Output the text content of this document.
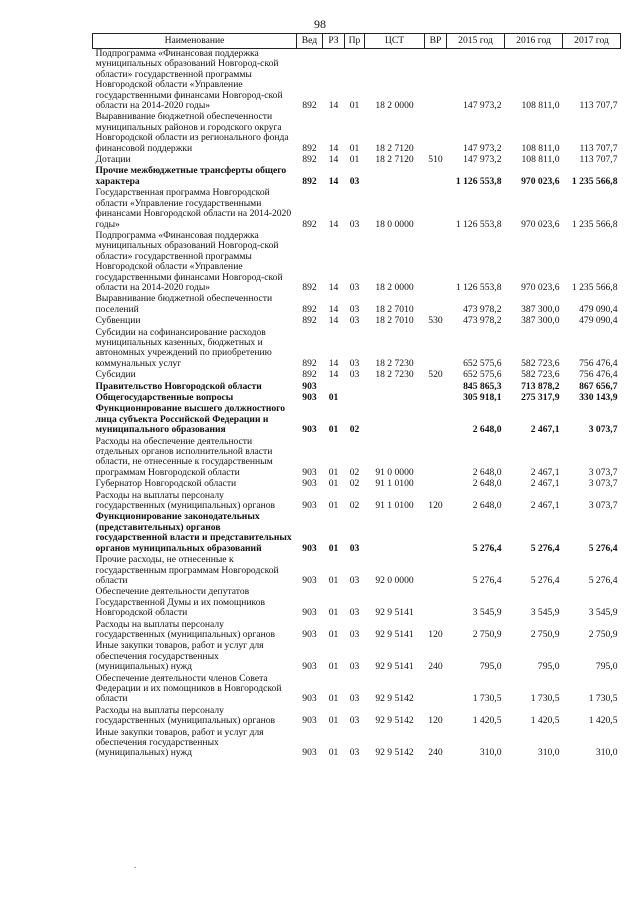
98
Наименование	Вед	РЗ	Пр	ЦСТ	ВР	2015 год	2016 год	2017 год
Подпрограмма «Финансовая поддержка муниципальных образований Новгород-ской области» государственной программы Новгородской области «Управление государственными финансами Новгород-ской области на 2014-2020 годы»	892	14	01	18 2 0000		147 973,2	108 811,0	113 707,7
Выравнивание бюджетной обеспеченности муниципальных районов и городского округа Новгородской области из регионального фонда финансовой поддержки	892	14	01	18 2 7120		147 973,2	108 811,0	113 707,7
Дотации	892	14	01	18 2 7120	510	147 973,2	108 811,0	113 707,7
Прочие межбюджетные трансферты общего характера	892	14	03			1 126 553,8	970 023,6	1 235 566,8
Государственная программа Новгородской области «Управление государственными финансами Новгородской области на 2014-2020 годы»	892	14	03	18 0 0000		1 126 553,8	970 023,6	1 235 566,8
Подпрограмма «Финансовая поддержка муниципальных образований Новгород-ской области» государственной программы Новгородской области «Управление государственными финансами Новгород-ской области на 2014-2020 годы»	892	14	03	18 2 0000		1 126 553,8	970 023,6	1 235 566,8
Выравнивание бюджетной обеспеченности поселений	892	14	03	18 2 7010		473 978,2	387 300,0	479 090,4
Субвенции	892	14	03	18 2 7010	530	473 978,2	387 300,0	479 090,4
Субсидии на софинансирование расходов муниципальных казенных, бюджетных и автономных учреждений по приобретению коммунальных услуг	892	14	03	18 2 7230		652 575,6	582 723,6	756 476,4
Субсидии	892	14	03	18 2 7230	520	652 575,6	582 723,6	756 476,4
Правительство Новгородской области	903					845 865,3	713 878,2	867 656,7
Общегосударственные вопросы	903	01				305 918,1	275 317,9	330 143,9
Функционирование высшего должностного лица субъекта Российской Федерации и муниципального образования	903	01	02			2 648,0	2 467,1	3 073,7
Расходы на обеспечение деятельности отдельных органов исполнительной власти области, не отнесенные к государственным программам Новгородской области	903	01	02	91 0 0000		2 648,0	2 467,1	3 073,7
Губернатор Новгородской области	903	01	02	91 1 0100		2 648,0	2 467,1	3 073,7
Расходы на выплаты персоналу государственных (муниципальных) органов	903	01	02	91 1 0100	120	2 648,0	2 467,1	3 073,7
Функционирование законодательных (представительных) органов государственной власти и представительных органов муниципальных образований	903	01	03			5 276,4	5 276,4	5 276,4
Прочие расходы, не отнесенные к государственным программам Новгородской области	903	01	03	92 0 0000		5 276,4	5 276,4	5 276,4
Обеспечение деятельности депутатов Государственной Думы и их помощников Новгородской области	903	01	03	92 9 5141		3 545,9	3 545,9	3 545,9
Расходы на выплаты персоналу государственных (муниципальных) органов	903	01	03	92 9 5141	120	2 750,9	2 750,9	2 750,9
Иные закупки товаров, работ и услуг для обеспечения государственных (муниципальных) нужд	903	01	03	92 9 5141	240	795,0	795,0	795,0
Обеспечение деятельности членов Совета Федерации и их помощников в Новгородской области	903	01	03	92 9 5142		1 730,5	1 730,5	1 730,5
Расходы на выплаты персоналу государственных (муниципальных) органов	903	01	03	92 9 5142	120	1 420,5	1 420,5	1 420,5
Иные закупки товаров, работ и услуг для обеспечения государственных (муниципальных) нужд	903	01	03	92 9 5142	240	310,0	310,0	310,0
.
